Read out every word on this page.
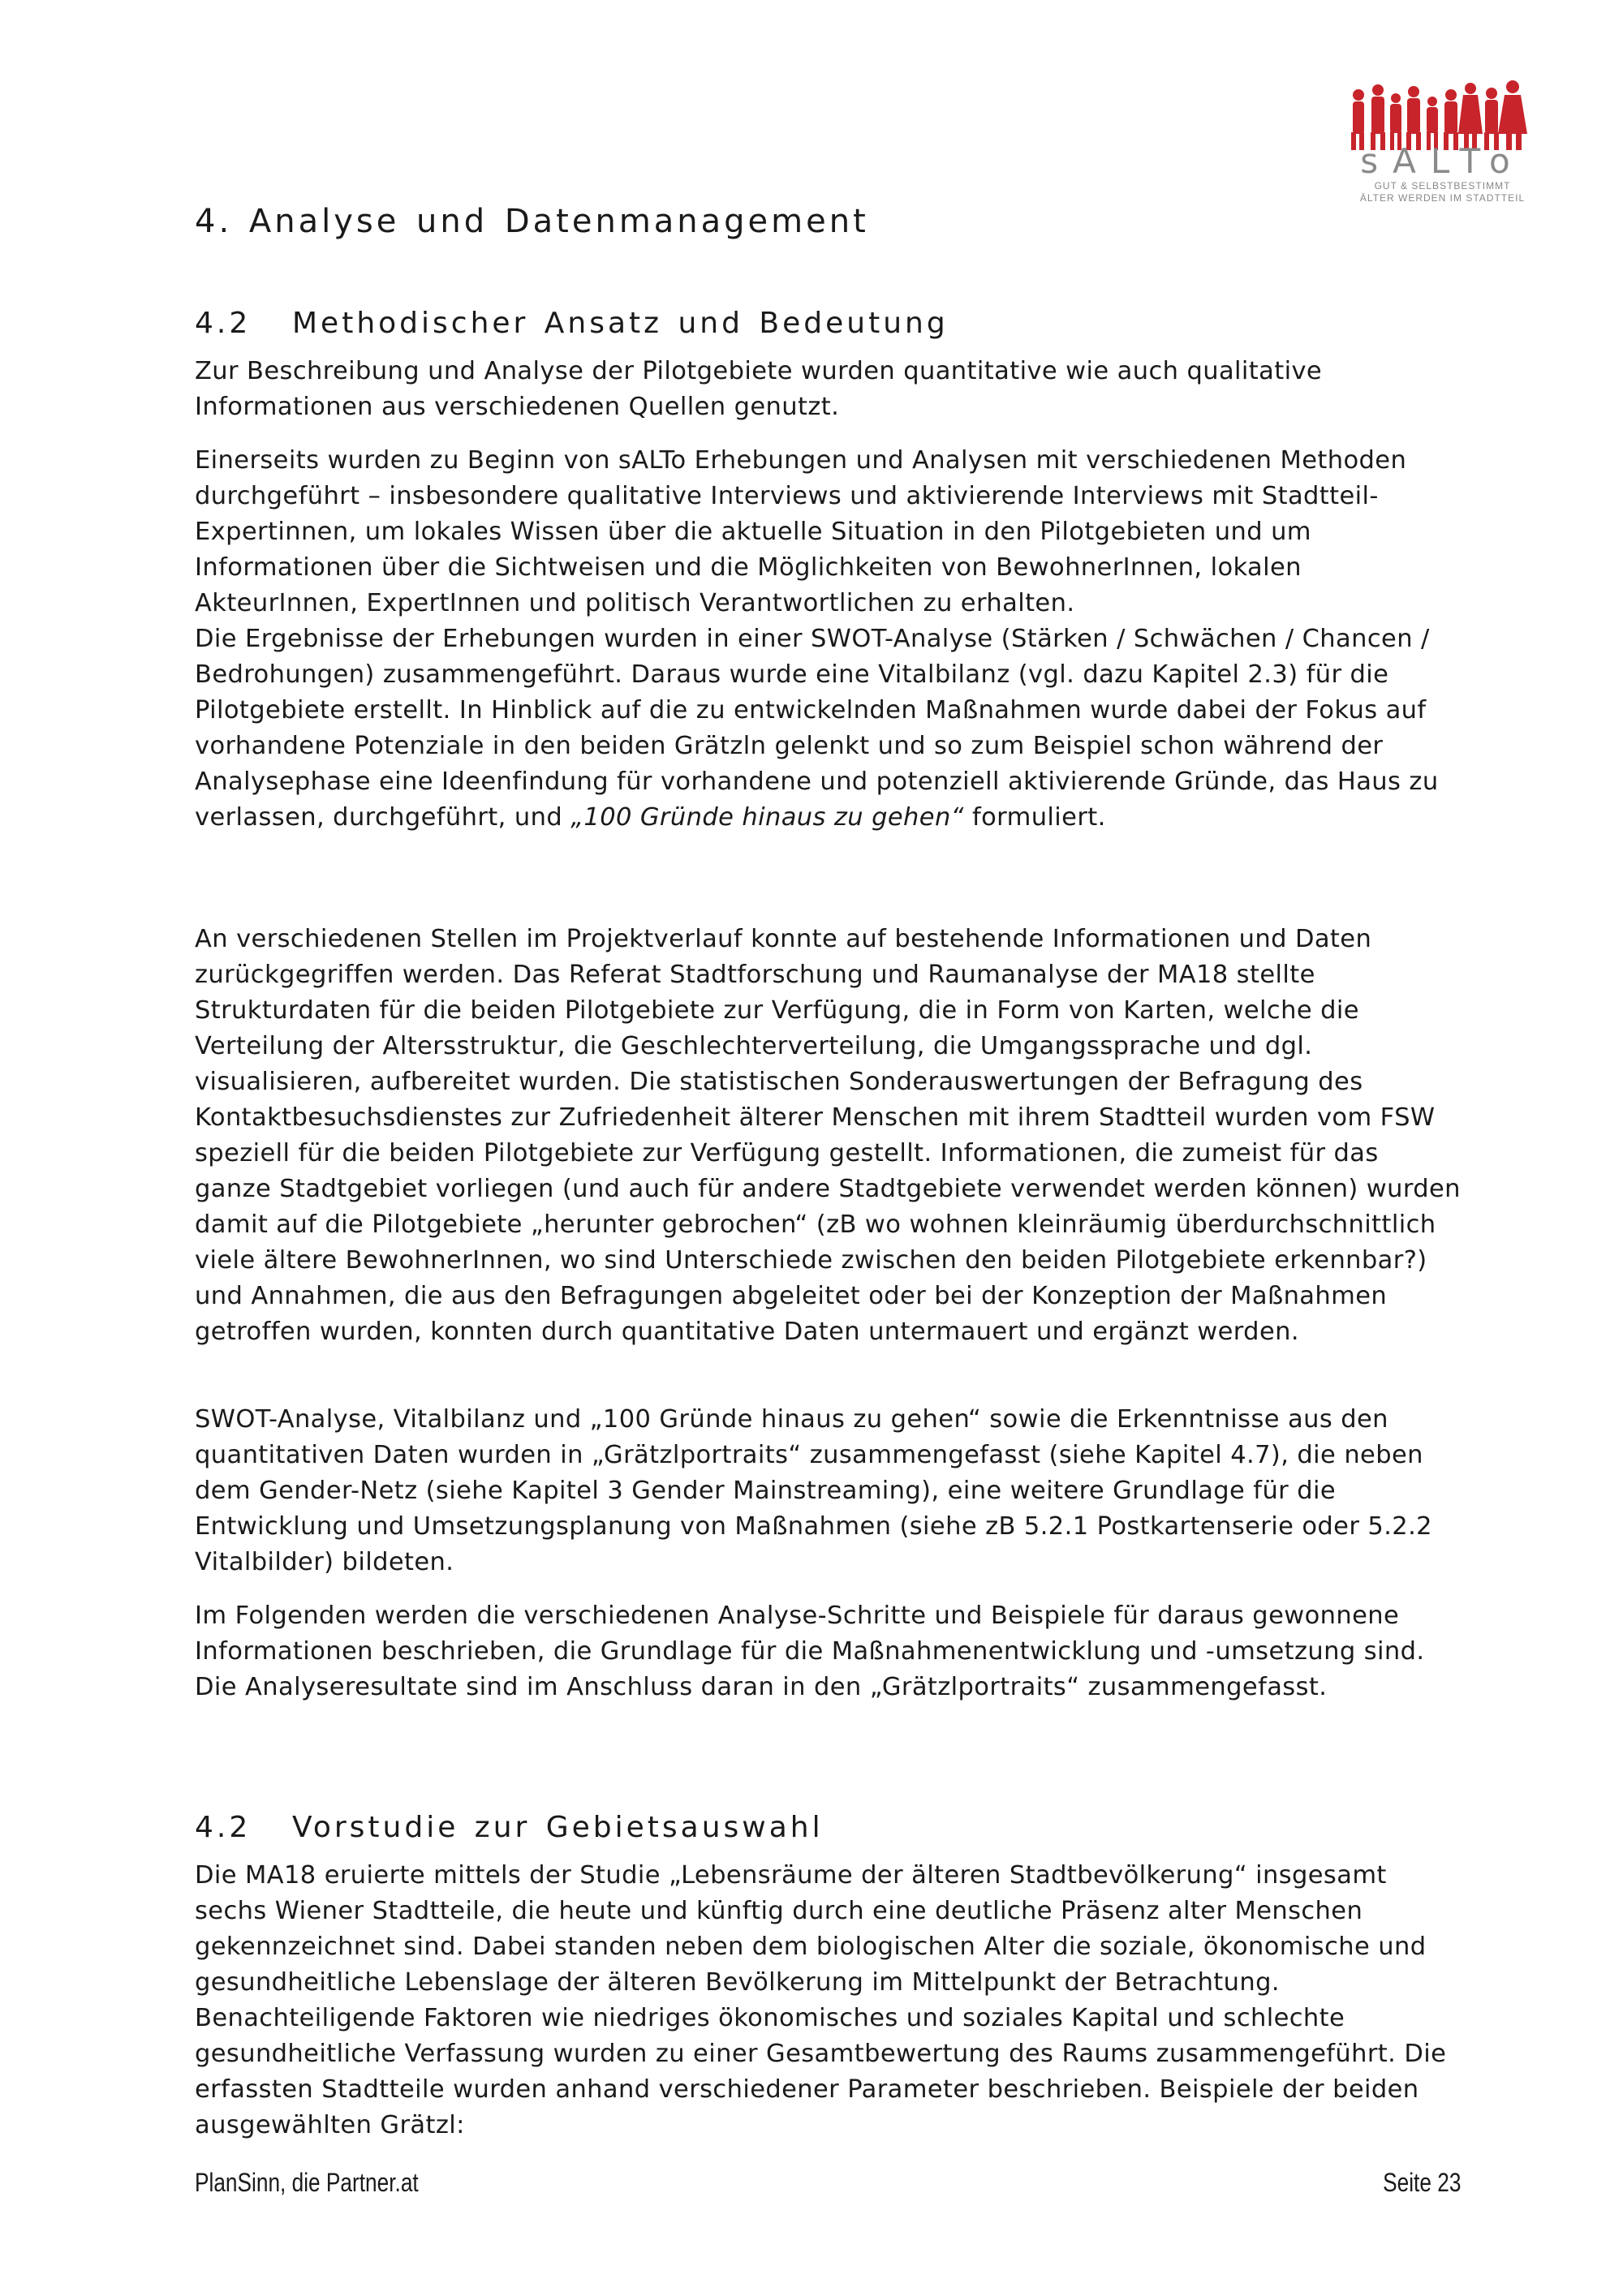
sALTo
GUT & SELBSTBESTIMMT
ÄLTER WERDEN IM STADTTEIL
4. Analyse und Datenmanagement
4.2 Methodischer Ansatz und Bedeutung

Zur Beschreibung und Analyse der Pilotgebiete wurden quantitative wie auch qualitative Informationen aus verschiedenen Quellen genutzt.

Einerseits wurden zu Beginn von sALTo Erhebungen und Analysen mit verschiedenen Methoden durchgeführt – insbesondere qualitative Interviews und aktivierende Interviews mit Stadtteil-Expertinnen, um lokales Wissen über die aktuelle Situation in den Pilotgebieten und um Informationen über die Sichtweisen und die Möglichkeiten von BewohnerInnen, lokalen AkteurInnen, ExpertInnen und politisch Verantwortlichen zu erhalten.

Die Ergebnisse der Erhebungen wurden in einer SWOT-Analyse (Stärken / Schwächen / Chancen / Bedrohungen) zusammengeführt. Daraus wurde eine Vitalbilanz (vgl. dazu Kapitel 2.3) für die Pilotgebiete erstellt. In Hinblick auf die zu entwickelnden Maßnahmen wurde dabei der Fokus auf vorhandene Potenziale in den beiden Grätzln gelenkt und so zum Beispiel schon während der Analysephase eine Ideenfindung für vorhandene und potenziell aktivierende Gründe, das Haus zu verlassen, durchgeführt, und „100 Gründe hinaus zu gehen“ formuliert.

An verschiedenen Stellen im Projektverlauf konnte auf bestehende Informationen und Daten zurückgegriffen werden. Das Referat Stadtforschung und Raumanalyse der MA18 stellte Strukturdaten für die beiden Pilotgebiete zur Verfügung, die in Form von Karten, welche die Verteilung der Altersstruktur, die Geschlechterverteilung, die Umgangssprache und dgl. visualisieren, aufbereitet wurden. Die statistischen Sonderauswertungen der Befragung des Kontaktbesuchsdienstes zur Zufriedenheit älterer Menschen mit ihrem Stadtteil wurden vom FSW speziell für die beiden Pilotgebiete zur Verfügung gestellt. Informationen, die zumeist für das ganze Stadtgebiet vorliegen (und auch für andere Stadtgebiete verwendet werden können) wurden damit auf die Pilotgebiete „herunter gebrochen“ (zB wo wohnen kleinräumig überdurchschnittlich viele ältere BewohnerInnen, wo sind Unterschiede zwischen den beiden Pilotgebiete erkennbar?) und Annahmen, die aus den Befragungen abgeleitet oder bei der Konzeption der Maßnahmen getroffen wurden, konnten durch quantitative Daten untermauert und ergänzt werden.

SWOT-Analyse, Vitalbilanz und „100 Gründe hinaus zu gehen“ sowie die Erkenntnisse aus den quantitativen Daten wurden in „Grätzlportraits“ zusammengefasst (siehe Kapitel 4.7), die neben dem Gender-Netz (siehe Kapitel 3 Gender Mainstreaming), eine weitere Grundlage für die Entwicklung und Umsetzungsplanung von Maßnahmen (siehe zB 5.2.1 Postkartenserie oder 5.2.2 Vitalbilder) bildeten.

Im Folgenden werden die verschiedenen Analyse-Schritte und Beispiele für daraus gewonnene Informationen beschrieben, die Grundlage für die Maßnahmenentwicklung und -umsetzung sind. Die Analyseresultate sind im Anschluss daran in den „Grätzlportraits“ zusammengefasst.

4.2 Vorstudie zur Gebietsauswahl

Die MA18 eruierte mittels der Studie „Lebensräume der älteren Stadtbevölkerung“ insgesamt sechs Wiener Stadtteile, die heute und künftig durch eine deutliche Präsenz alter Menschen gekennzeichnet sind. Dabei standen neben dem biologischen Alter die soziale, ökonomische und gesundheitliche Lebenslage der älteren Bevölkerung im Mittelpunkt der Betrachtung. Benachteiligende Faktoren wie niedriges ökonomisches und soziales Kapital und schlechte gesundheitliche Verfassung wurden zu einer Gesamtbewertung des Raums zusammengeführt. Die erfassten Stadtteile wurden anhand verschiedener Parameter beschrieben. Beispiele der beiden ausgewählten Grätzl:

PlanSinn, die Partner.at	Seite 23
